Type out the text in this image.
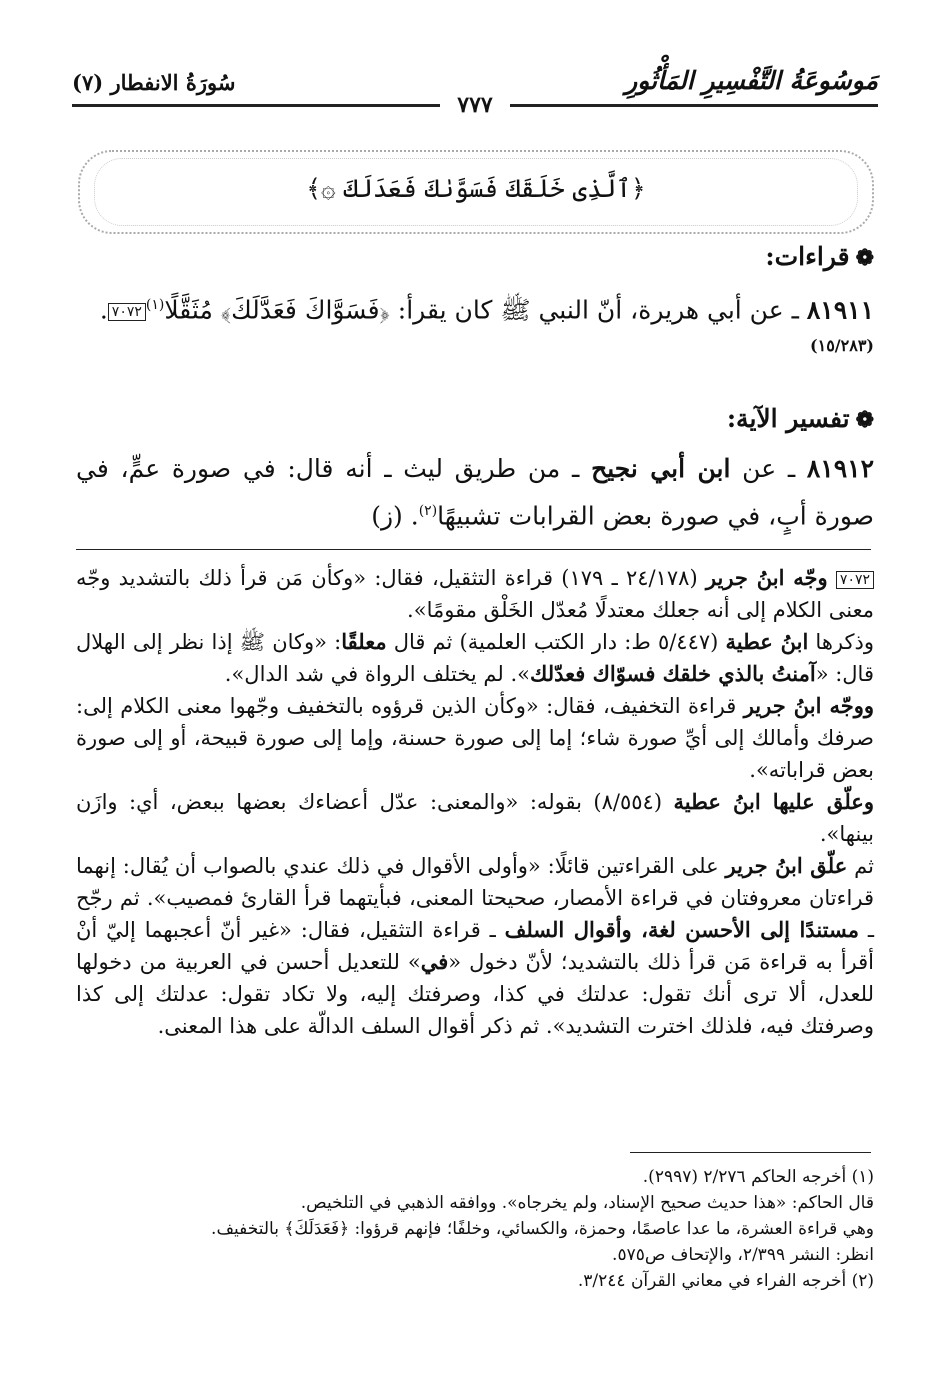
مَوسُوعَةُ التَّفْسِيرِ المَأْثُورِ
سُورَةُ الانفطار (٧)
٧٧٧
﴿ٱلَّذِى خَلَقَكَ فَسَوَّىٰكَ فَعَدَلَكَ ۞﴾
❁قراءات:
٨١٩١١ ـ عن أبي هريرة، أنّ النبي ﷺ كان يقرأ: ﴿فَسَوَّاكَ فَعَدَّلَكَ﴾ مُثَقَّلًا$^{(١)}$٧٠٧٢.
(١٥/٢٨٣)
❁تفسير الآية:
٨١٩١٢ ـ عن ابن أبي نجيح ـ من طريق ليث ـ أنه قال: في صورة عمٍّ، في صورة أبٍ، في صورة بعض القرابات تشبيهًا$^{(٢)}$. (ز)
٧٠٧٢ وجّه ابنُ جرير (٢٤/١٧٨ ـ ١٧٩) قراءة التثقيل، فقال: «وكأن مَن قرأ ذلك بالتشديد وجّه معنى الكلام إلى أنه جعلك معتدلًا مُعدّل الخَلْق مقومًا».
وذكرها ابنُ عطية (٥/٤٤٧ ط: دار الكتب العلمية) ثم قال معلقًا: «وكان ﷺ إذا نظر إلى الهلال قال: «آمنتُ بالذي خلقك فسوّاك فعدّلك». لم يختلف الرواة في شد الدال».
ووجّه ابنُ جرير قراءة التخفيف، فقال: «وكأن الذين قرؤوه بالتخفيف وجّهوا معنى الكلام إلى: صرفك وأمالك إلى أيِّ صورة شاء؛ إما إلى صورة حسنة، وإما إلى صورة قبيحة، أو إلى صورة بعض قراباته».
وعلّق عليها ابنُ عطية (٨/٥٥٤) بقوله: «والمعنى: عدّل أعضاءك بعضها ببعض، أي: وازَن بينها».
ثم علّق ابنُ جرير على القراءتين قائلًا: «وأولى الأقوال في ذلك عندي بالصواب أن يُقال: إنهما قراءتان معروفتان في قراءة الأمصار، صحيحتا المعنى، فبأيتهما قرأ القارئ فمصيب». ثم رجّح ـ مستندًا إلى الأحسن لغة، وأقوال السلف ـ قراءة التثقيل، فقال: «غير أنّ أعجبهما إليّ أنْ أقرأ به قراءة مَن قرأ ذلك بالتشديد؛ لأنّ دخول «في» للتعديل أحسن في العربية من دخولها للعدل، ألا ترى أنك تقول: عدلتك في كذا، وصرفتك إليه، ولا تكاد تقول: عدلتك إلى كذا وصرفتك فيه، فلذلك اخترت التشديد». ثم ذكر أقوال السلف الدالّة على هذا المعنى.
(١) أخرجه الحاكم ٢/٢٧٦ (٢٩٩٧).
قال الحاكم: «هذا حديث صحيح الإسناد، ولم يخرجاه». ووافقه الذهبي في التلخيص.
وهي قراءة العشرة، ما عدا عاصمًا، وحمزة، والكسائي، وخلفًا؛ فإنهم قرؤوا: ﴿فَعَدَلَكَ﴾ بالتخفيف.
انظر: النشر ٢/٣٩٩، والإتحاف ص٥٧٥.
(٢) أخرجه الفراء في معاني القرآن ٣/٢٤٤.
